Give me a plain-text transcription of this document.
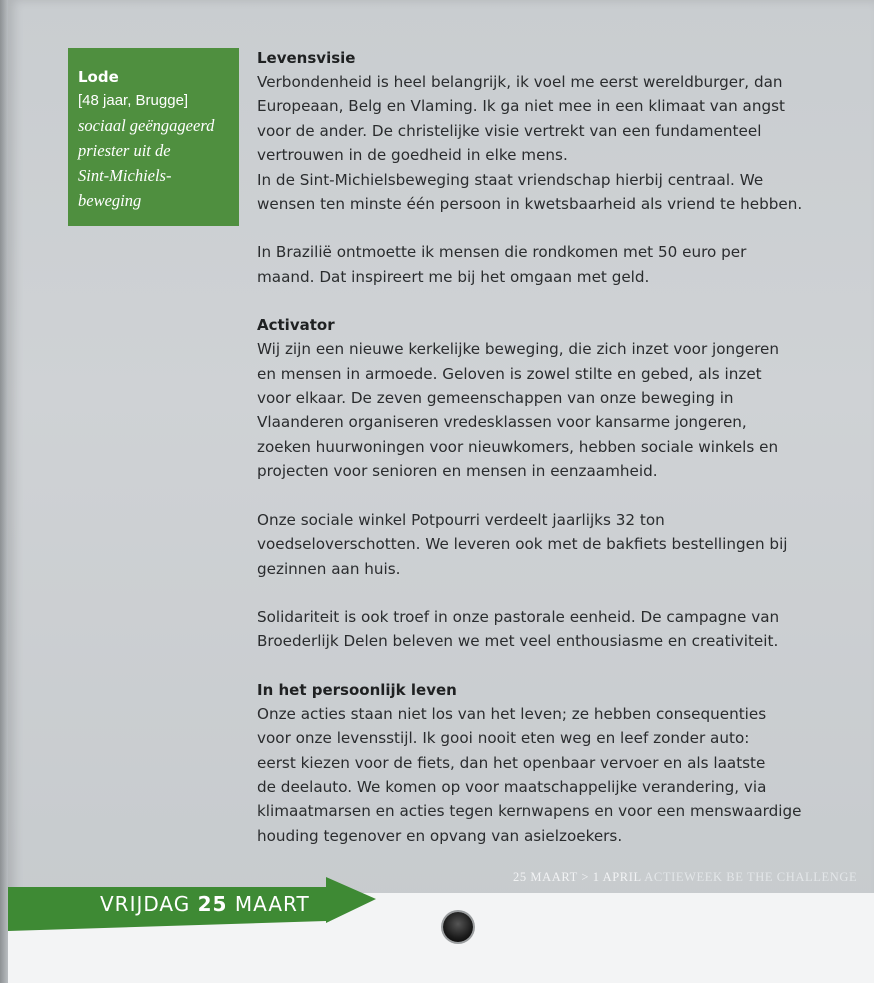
Lode
[48 jaar, Brugge]
sociaal geëngageerd
priester uit de
Sint-Michiels-
beweging
Levensvisie

Verbondenheid is heel belangrijk, ik voel me eerst wereldburger, dan
Europeaan, Belg en Vlaming. Ik ga niet mee in een klimaat van angst
voor de ander. De christelijke visie vertrekt van een fundamenteel
vertrouwen in de goedheid in elke mens.
In de Sint-Michielsbeweging staat vriendschap hierbij centraal. We
wensen ten minste één persoon in kwetsbaarheid als vriend te hebben.

In Brazilië ontmoette ik mensen die rondkomen met 50 euro per
maand. Dat inspireert me bij het omgaan met geld.

Activator

Wij zijn een nieuwe kerkelijke beweging, die zich inzet voor jongeren
en mensen in armoede. Geloven is zowel stilte en gebed, als inzet
voor elkaar. De zeven gemeenschappen van onze beweging in
Vlaanderen organiseren vredesklassen voor kansarme jongeren,
zoeken huurwoningen voor nieuwkomers, hebben sociale winkels en
projecten voor senioren en mensen in eenzaamheid.

Onze sociale winkel Potpourri verdeelt jaarlijks 32 ton
voedseloverschotten. We leveren ook met de bakfiets bestellingen bij
gezinnen aan huis.

Solidariteit is ook troef in onze pastorale eenheid. De campagne van
Broederlijk Delen beleven we met veel enthousiasme en creativiteit.

In het persoonlijk leven

Onze acties staan niet los van het leven; ze hebben consequenties
voor onze levensstijl. Ik gooi nooit eten weg en leef zonder auto:
eerst kiezen voor de fiets, dan het openbaar vervoer en als laatste
de deelauto. We komen op voor maatschappelijke verandering, via
klimaatmarsen en acties tegen kernwapens en voor een menswaardige
houding tegenover en opvang van asielzoekers.

VRIJDAG 25 MAART
25 MAART > 1 APRIL ACTIEWEEK BE THE CHALLENGE
